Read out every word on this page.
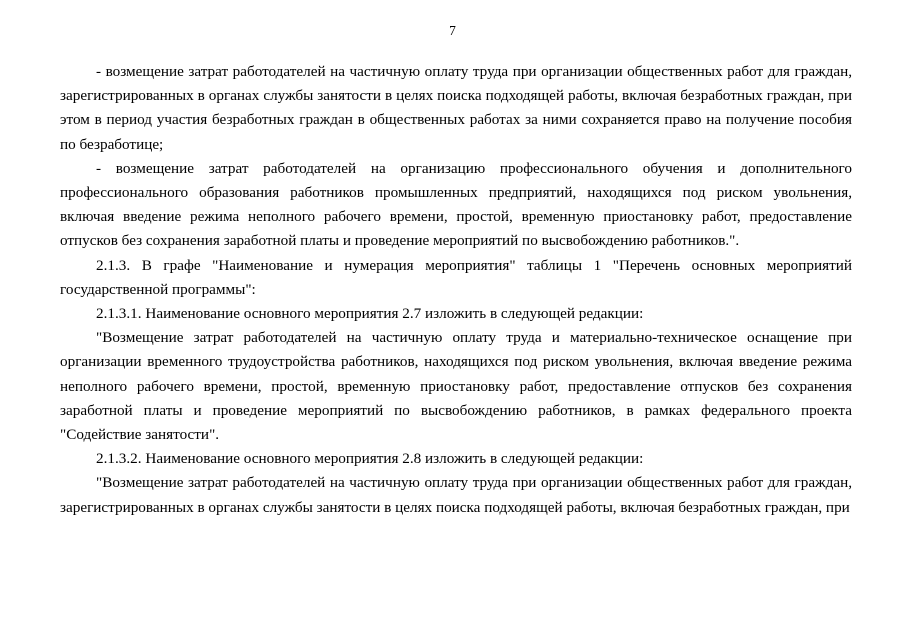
7

- возмещение затрат работодателей на частичную оплату труда при организации общественных работ для граждан, зарегистрированных в органах службы занятости в целях поиска подходящей работы, включая безработных граждан, при этом в период участия безработных граждан в общественных работах за ними сохраняется право на получение пособия по безработице;

- возмещение затрат работодателей на организацию профессионального обучения и дополнительного профессионального образования работников промышленных предприятий, находящихся под риском увольнения, включая введение режима неполного рабочего времени, простой, временную приостановку работ, предоставление отпусков без сохранения заработной платы и проведение мероприятий по высвобождению работников.".

2.1.3. В графе "Наименование и нумерация мероприятия" таблицы 1 "Перечень основных мероприятий государственной программы":

2.1.3.1. Наименование основного мероприятия 2.7 изложить в следующей редакции:

"Возмещение затрат работодателей на частичную оплату труда и материально-техническое оснащение при организации временного трудоустройства работников, находящихся под риском увольнения, включая введение режима неполного рабочего времени, простой, временную приостановку работ, предоставление отпусков без сохранения заработной платы и проведение мероприятий по высвобождению работников, в рамках федерального проекта "Содействие занятости".

2.1.3.2. Наименование основного мероприятия 2.8 изложить в следующей редакции:

"Возмещение затрат работодателей на частичную оплату труда при организации общественных работ для граждан, зарегистрированных в органах службы занятости в целях поиска подходящей работы, включая безработных граждан, при
